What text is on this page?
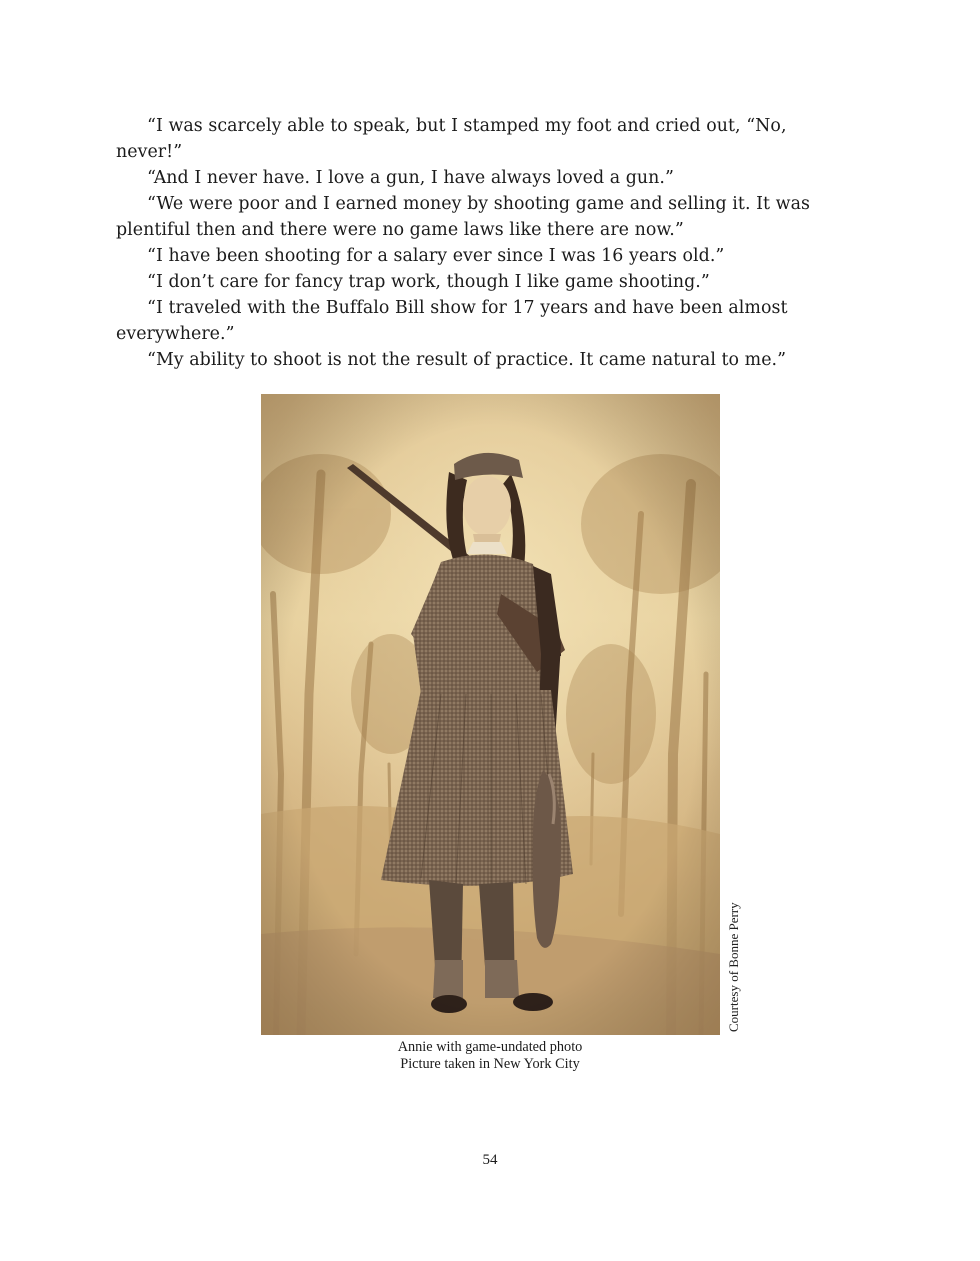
“I was scarcely able to speak, but I stamped my foot and cried out, “No, never!”

“And I never have. I love a gun, I have always loved a gun.”

“We were poor and I earned money by shooting game and selling it. It was plentiful then and there were no game laws like there are now.”

“I have been shooting for a salary ever since I was 16 years old.”

“I don’t care for fancy trap work, though I like game shooting.”

“I traveled with the Buffalo Bill show for 17 years and have been almost everywhere.”

“My ability to shoot is not the result of practice. It came natural to me.”

Courtesy of Bonne Perry
Annie with game-undated photo
Picture taken in New York City
54
